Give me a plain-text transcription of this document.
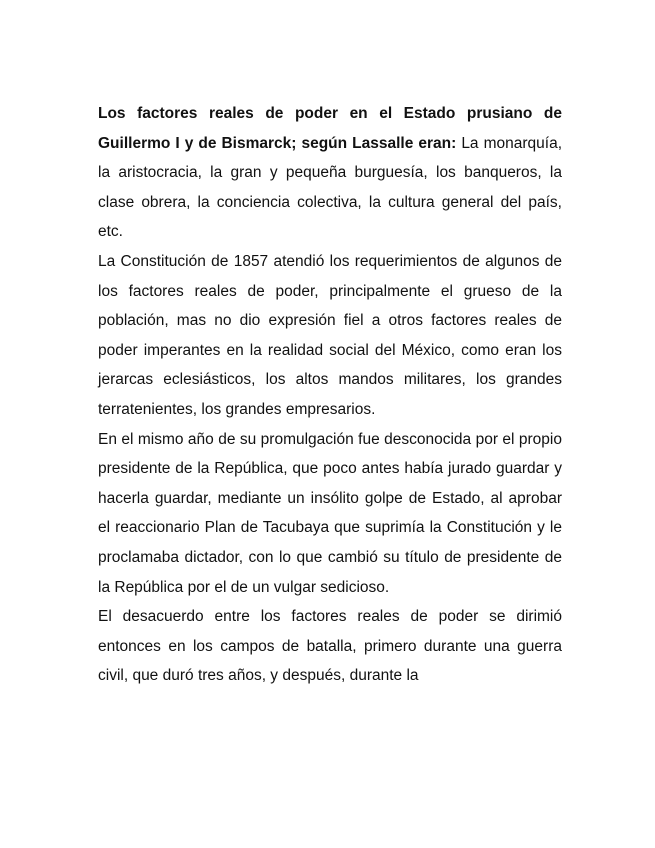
Los factores reales de poder en el Estado prusiano de Guillermo I y de Bismarck; según Lassalle eran: La monarquía, la aristocracia, la gran y pequeña burguesía, los banqueros, la clase obrera, la conciencia colectiva, la cultura general del país, etc.

La Constitución de 1857 atendió los requerimientos de algunos de los factores reales de poder, principalmente el grueso de la población, mas no dio expresión fiel a otros factores reales de poder imperantes en la realidad social del México, como eran los jerarcas eclesiásticos, los altos mandos militares, los grandes terratenientes, los grandes empresarios.

En el mismo año de su promulgación fue desconocida por el propio presidente de la República, que poco antes había jurado guardar y hacerla guardar, mediante un insólito golpe de Estado, al aprobar el reaccionario Plan de Tacubaya que suprimía la Constitución y le proclamaba dictador, con lo que cambió su título de presidente de la República por el de un vulgar sedicioso.

El desacuerdo entre los factores reales de poder se dirimió entonces en los campos de batalla, primero durante una guerra civil, que duró tres años, y después, durante la
